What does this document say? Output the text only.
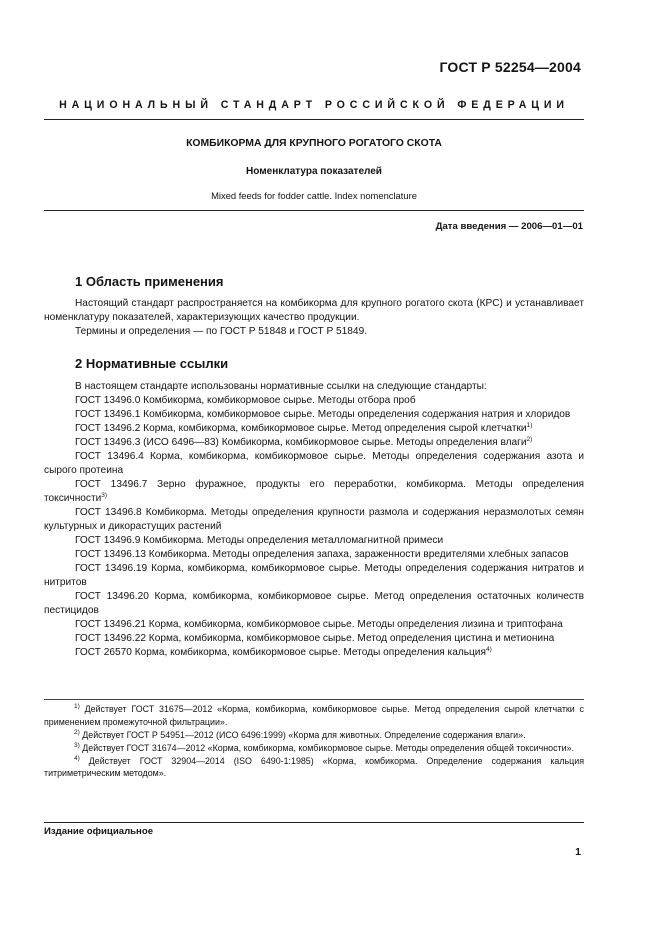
ГОСТ Р 52254—2004
НАЦИОНАЛЬНЫЙ СТАНДАРТ РОССИЙСКОЙ ФЕДЕРАЦИИ
КОМБИКОРМА ДЛЯ КРУПНОГО РОГАТОГО СКОТА
Номенклатура показателей
Mixed feeds for fodder cattle. Index nomenclature
Дата введения — 2006—01—01
1 Область применения

Настоящий стандарт распространяется на комбикорма для крупного рогатого скота (КРС) и устанавливает номенклатуру показателей, характеризующих качество продукции.

Термины и определения — по ГОСТ Р 51848 и ГОСТ Р 51849.

2 Нормативные ссылки

В настоящем стандарте использованы нормативные ссылки на следующие стандарты:

ГОСТ 13496.0 Комбикорма, комбикормовое сырье. Методы отбора проб

ГОСТ 13496.1 Комбикорма, комбикормовое сырье. Методы определения содержания натрия и хлоридов

ГОСТ 13496.2 Корма, комбикорма, комбикормовое сырье. Метод определения сырой клетчатки$^{1)}$

ГОСТ 13496.3 (ИСО 6496—83) Комбикорма, комбикормовое сырье. Методы определения влаги$^{2)}$

ГОСТ 13496.4 Корма, комбикорма, комбикормовое сырье. Методы определения содержания азота и сырого протеина

ГОСТ 13496.7 Зерно фуражное, продукты его переработки, комбикорма. Методы определения токсичности$^{3)}$

ГОСТ 13496.8 Комбикорма. Методы определения крупности размола и содержания неразмолотых семян культурных и дикорастущих растений

ГОСТ 13496.9 Комбикорма. Методы определения металломагнитной примеси

ГОСТ 13496.13 Комбикорма. Методы определения запаха, зараженности вредителями хлебных запасов

ГОСТ 13496.19 Корма, комбикорма, комбикормовое сырье. Методы определения содержания нитратов и нитритов

ГОСТ 13496.20 Корма, комбикорма, комбикормовое сырье. Метод определения остаточных количеств пестицидов

ГОСТ 13496.21 Корма, комбикорма, комбикормовое сырье. Методы определения лизина и триптофана

ГОСТ 13496.22 Корма, комбикорма, комбикормовое сырье. Метод определения цистина и метионина

ГОСТ 26570 Корма, комбикорма, комбикормовое сырье. Методы определения кальция$^{4)}$

$^{1)}$ Действует ГОСТ 31675—2012 «Корма, комбикорма, комбикормовое сырье. Метод определения сырой клетчатки с применением промежуточной фильтрации».

$^{2)}$ Действует ГОСТ Р 54951—2012 (ИСО 6496:1999) «Корма для животных. Определение содержания влаги».

$^{3)}$ Действует ГОСТ 31674—2012 «Корма, комбикорма, комбикормовое сырье. Методы определения общей токсичности».

$^{4)}$ Действует ГОСТ 32904—2014 (ISO 6490-1:1985) «Корма, комбикорма. Определение содержания кальция титриметрическим методом».

Издание официальное
1
